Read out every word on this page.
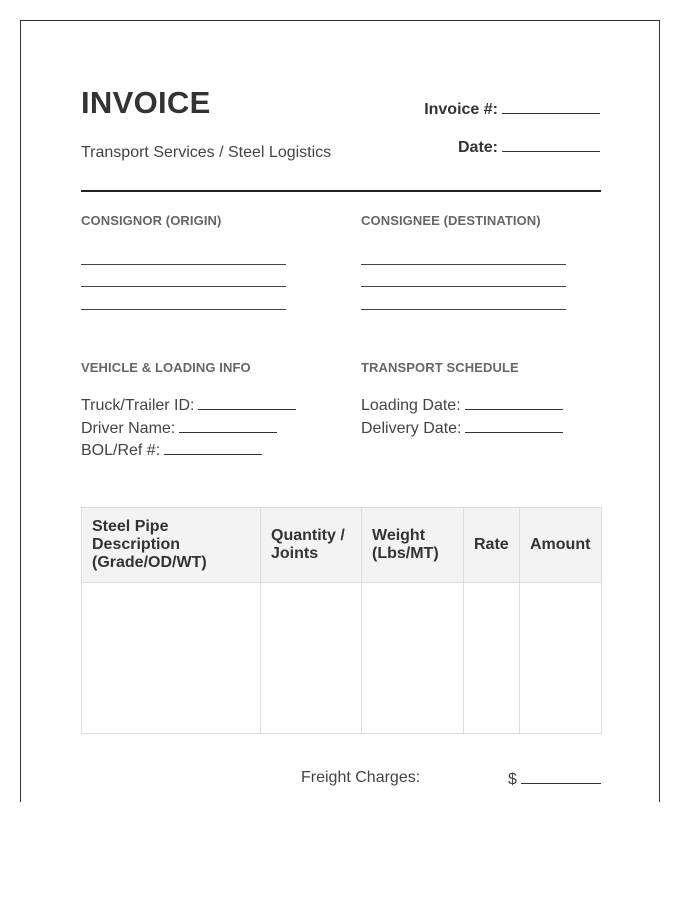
INVOICE
Transport Services / Steel Logistics
Invoice #:
Date:
CONSIGNOR (ORIGIN)	CONSIGNEE (DESTINATION)
VEHICLE & LOADING INFO	TRANSPORT SCHEDULE
Truck/Trailer ID:
Driver Name:
BOL/Ref #:
Loading Date:
Delivery Date:
Steel Pipe Description (Grade/OD/WT)	Quantity / Joints	Weight (Lbs/MT)	Rate	Amount

Freight Charges:	$
